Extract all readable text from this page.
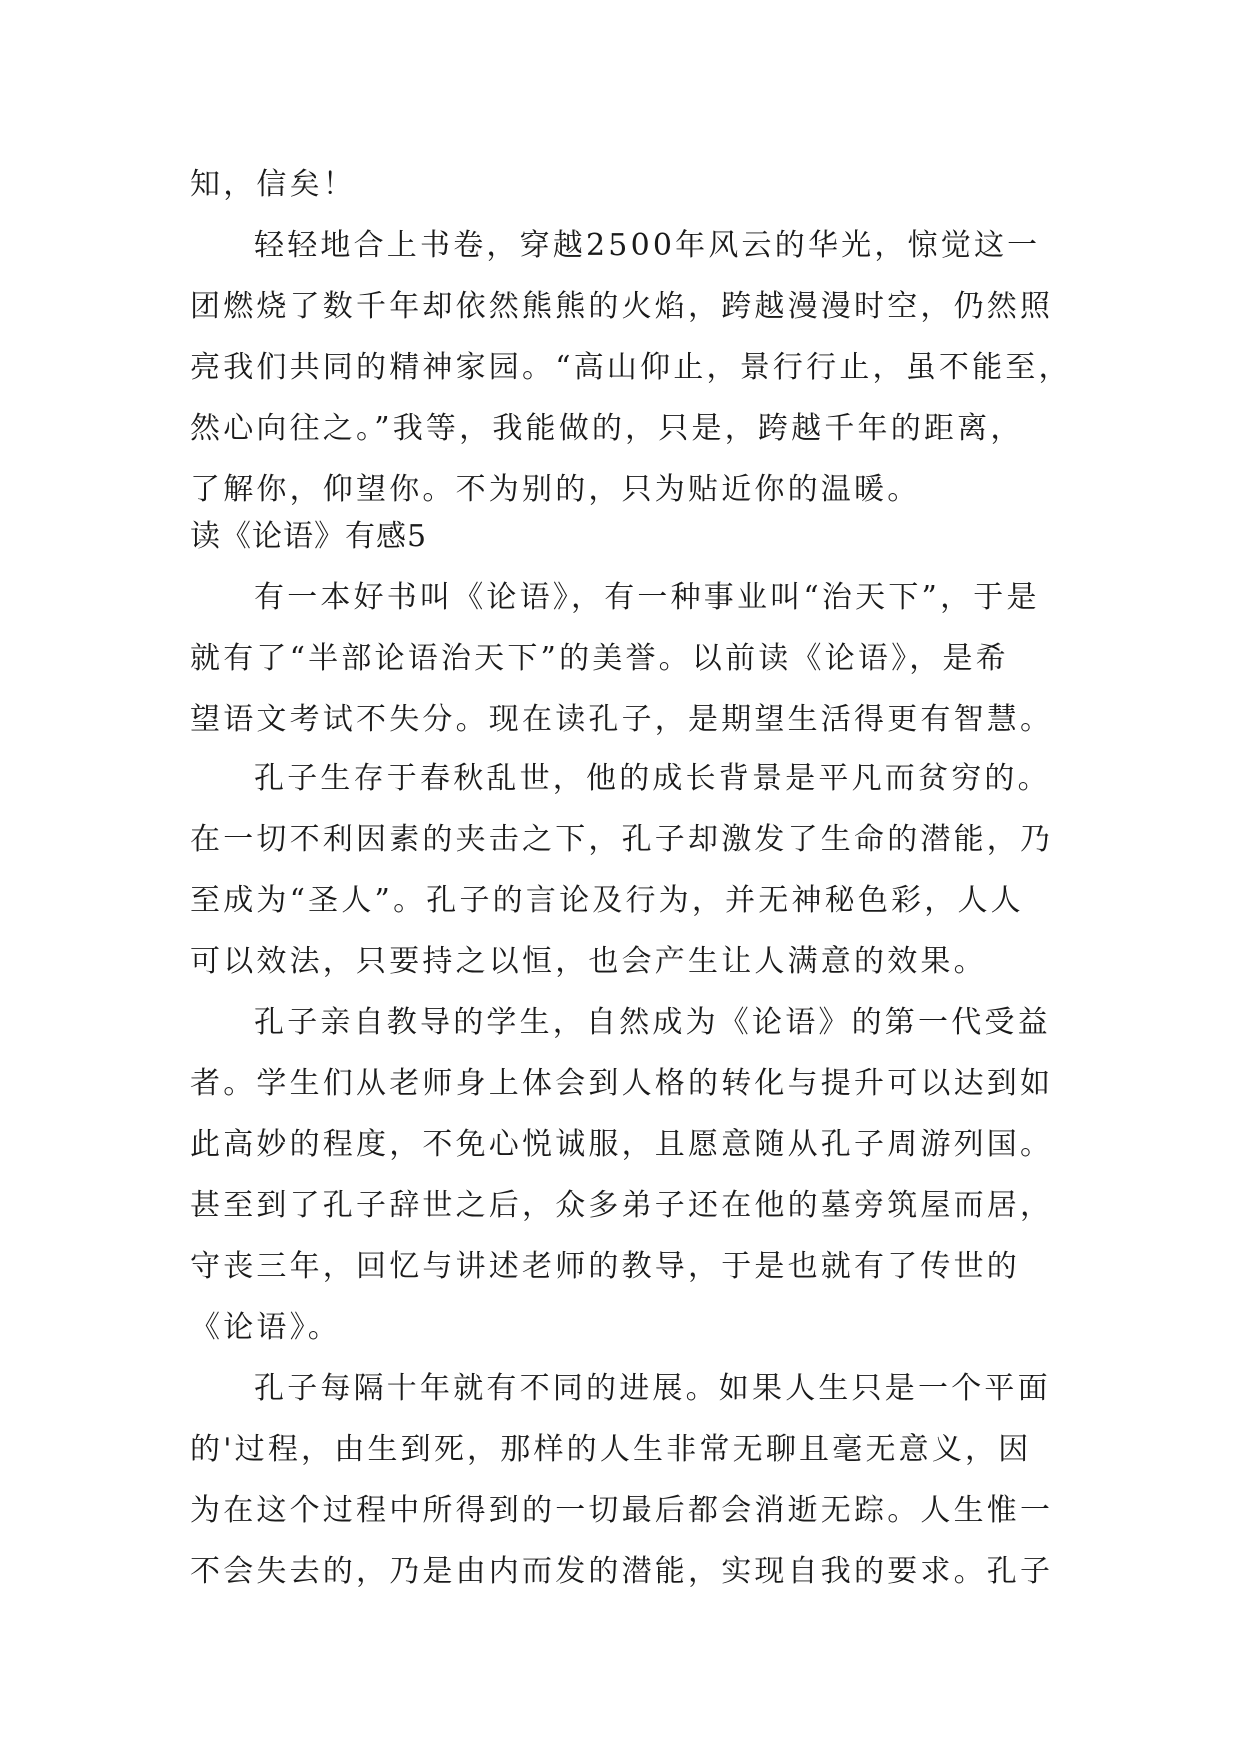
知，信矣！
轻轻地合上书卷，穿越2500年风云的华光，惊觉这一
团燃烧了数千年却依然熊熊的火焰，跨越漫漫时空，仍然照
亮我们共同的精神家园。“高山仰止，景行行止，虽不能至，
然心向往之。”我等，我能做的，只是，跨越千年的距离，
了解你，仰望你。不为别的，只为贴近你的温暖。
读《论语》有感5
有一本好书叫《论语》，有一种事业叫“治天下”，于是
就有了“半部论语治天下”的美誉。以前读《论语》，是希
望语文考试不失分。现在读孔子，是期望生活得更有智慧。
孔子生存于春秋乱世，他的成长背景是平凡而贫穷的。
在一切不利因素的夹击之下，孔子却激发了生命的潜能，乃
至成为“圣人”。孔子的言论及行为，并无神秘色彩，人人
可以效法，只要持之以恒，也会产生让人满意的效果。
孔子亲自教导的学生，自然成为《论语》的第一代受益
者。学生们从老师身上体会到人格的转化与提升可以达到如
此高妙的程度，不免心悦诚服，且愿意随从孔子周游列国。
甚至到了孔子辞世之后，众多弟子还在他的墓旁筑屋而居，
守丧三年，回忆与讲述老师的教导，于是也就有了传世的
《论语》。
孔子每隔十年就有不同的进展。如果人生只是一个平面
的'过程，由生到死，那样的人生非常无聊且毫无意义，因
为在这个过程中所得到的一切最后都会消逝无踪。人生惟一
不会失去的，乃是由内而发的潜能，实现自我的要求。孔子
